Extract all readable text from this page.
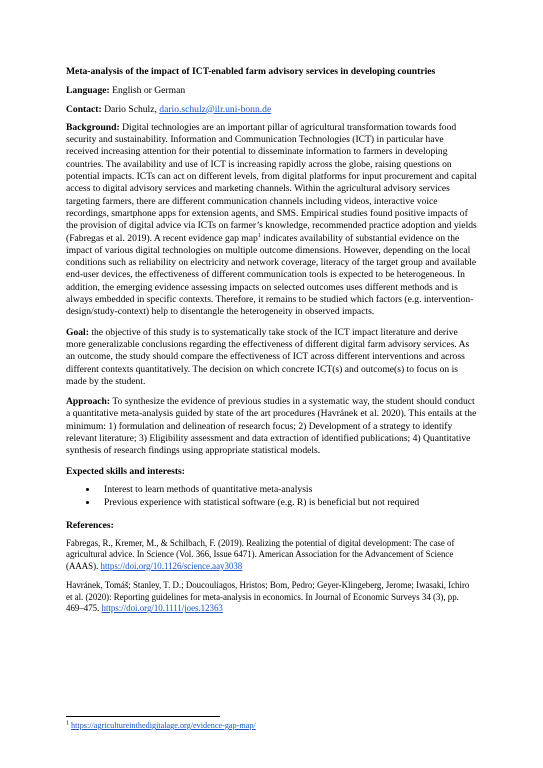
Meta-analysis of the impact of ICT-enabled farm advisory services in developing countries

Language: English or German

Contact: Dario Schulz, dario.schulz@ilr.uni-bonn.de

Background: Digital technologies are an important pillar of agricultural transformation towards food security and sustainability. Information and Communication Technologies (ICT) in particular have received increasing attention for their potential to disseminate information to farmers in developing countries. The availability and use of ICT is increasing rapidly across the globe, raising questions on potential impacts. ICTs can act on different levels, from digital platforms for input procurement and capital access to digital advisory services and marketing channels. Within the agricultural advisory services targeting farmers, there are different communication channels including videos, interactive voice recordings, smartphone apps for extension agents, and SMS. Empirical studies found positive impacts of the provision of digital advice via ICTs on farmer’s knowledge, recommended practice adoption and yields (Fabregas et al. 2019). A recent evidence gap map$^1$ indicates availability of substantial evidence on the impact of various digital technologies on multiple outcome dimensions. However, depending on the local conditions such as reliability on electricity and network coverage, literacy of the target group and available end-user devices, the effectiveness of different communication tools is expected to be heterogeneous. In addition, the emerging evidence assessing impacts on selected outcomes uses different methods and is always embedded in specific contexts. Therefore, it remains to be studied which factors (e.g. intervention-design/study-context) help to disentangle the heterogeneity in observed impacts.

Goal: the objective of this study is to systematically take stock of the ICT impact literature and derive more generalizable conclusions regarding the effectiveness of different digital farm advisory services. As an outcome, the study should compare the effectiveness of ICT across different interventions and across different contexts quantitatively. The decision on which concrete ICT(s) and outcome(s) to focus on is made by the student.

Approach: To synthesize the evidence of previous studies in a systematic way, the student should conduct a quantitative meta-analysis guided by state of the art procedures (Havránek et al. 2020). This entails at the minimum: 1) formulation and delineation of research focus; 2) Development of a strategy to identify relevant literature; 3) Eligibility assessment and data extraction of identified publications; 4) Quantitative synthesis of research findings using appropriate statistical models.

Expected skills and interests:

• Interest to learn methods of quantitative meta-analysis
• Previous experience with statistical software (e.g. R) is beneficial but not required

References:

Fabregas, R., Kremer, M., & Schilbach, F. (2019). Realizing the potential of digital development: The case of agricultural advice. In Science (Vol. 366, Issue 6471). American Association for the Advancement of Science (AAAS). https://doi.org/10.1126/science.aay3038

Havránek, Tomáš; Stanley, T. D.; Doucouliagos, Hristos; Bom, Pedro; Geyer‐Klingeberg, Jerome; Iwasaki, Ichiro et al. (2020): Reporting guidelines for meta‐analysis in economics. In Journal of Economic Surveys 34 (3), pp. 469–475. https://doi.org/10.1111/joes.12363

$^1$ https://agricultureinthedigitalage.org/evidence-gap-map/
